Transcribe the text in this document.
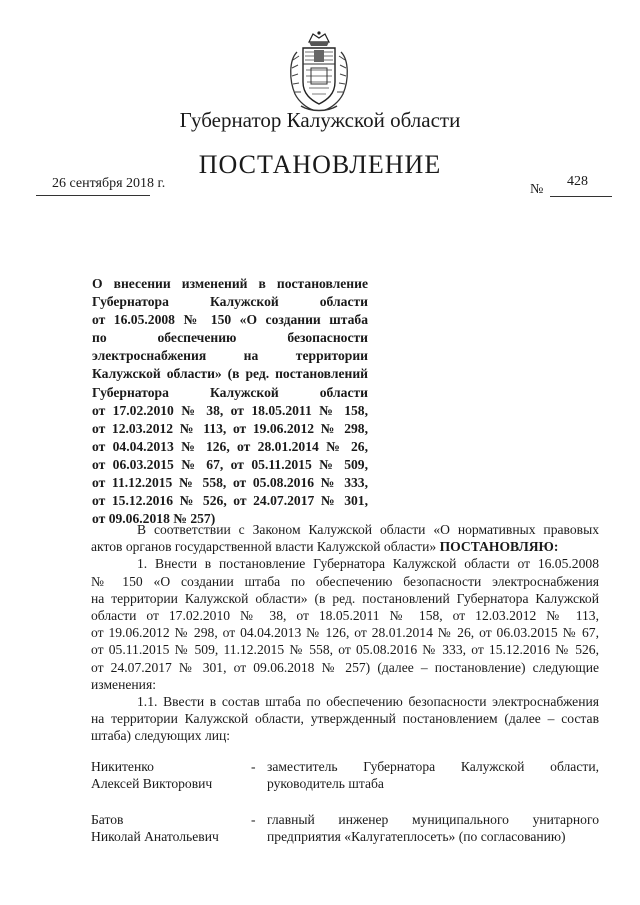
Губернатор Калужской области
ПОСТАНОВЛЕНИЕ
26 сентября 2018 г.	№
428
О внесении изменений в постановление
Губернатора Калужской области
от 16.05.2008 № 150 «О создании штаба
по обеспечению безопасности
электроснабжения на территории
Калужской области» (в ред. постановлений
Губернатора Калужской области
от 17.02.2010 № 38, от 18.05.2011 № 158,
от 12.03.2012 № 113, от 19.06.2012 № 298,
от 04.04.2013 № 126, от 28.01.2014 № 26,
от 06.03.2015 № 67, от 05.11.2015 № 509,
от 11.12.2015 № 558, от 05.08.2016 № 333,
от 15.12.2016 № 526, от 24.07.2017 № 301,
от 09.06.2018 № 257)
В соответствии с Законом Калужской области «О нормативных правовых
актов органов государственной власти Калужской области» ПОСТАНОВЛЯЮ:
1. Внести в постановление Губернатора Калужской области от 16.05.2008
№ 150 «О создании штаба по обеспечению безопасности электроснабжения
на территории Калужской области» (в ред. постановлений Губернатора Калужской
области от 17.02.2010 № 38, от 18.05.2011 № 158, от 12.03.2012 № 113,
от 19.06.2012 № 298, от 04.04.2013 № 126, от 28.01.2014 № 26, от 06.03.2015 № 67,
от 05.11.2015 № 509, 11.12.2015 № 558, от 05.08.2016 № 333, от 15.12.2016 № 526,
от 24.07.2017 № 301, от 09.06.2018 № 257) (далее – постановление) следующие
изменения:
1.1. Ввести в состав штаба по обеспечению безопасности электроснабжения
на территории Калужской области, утвержденный постановлением (далее – состав
штаба) следующих лиц:
Никитенко
Алексей Викторович
- заместитель Губернатора Калужской области,
руководитель штаба
Батов
Николай Анатольевич
- главный инженер муниципального унитарного
предприятия «Калугатеплосеть» (по согласованию)
